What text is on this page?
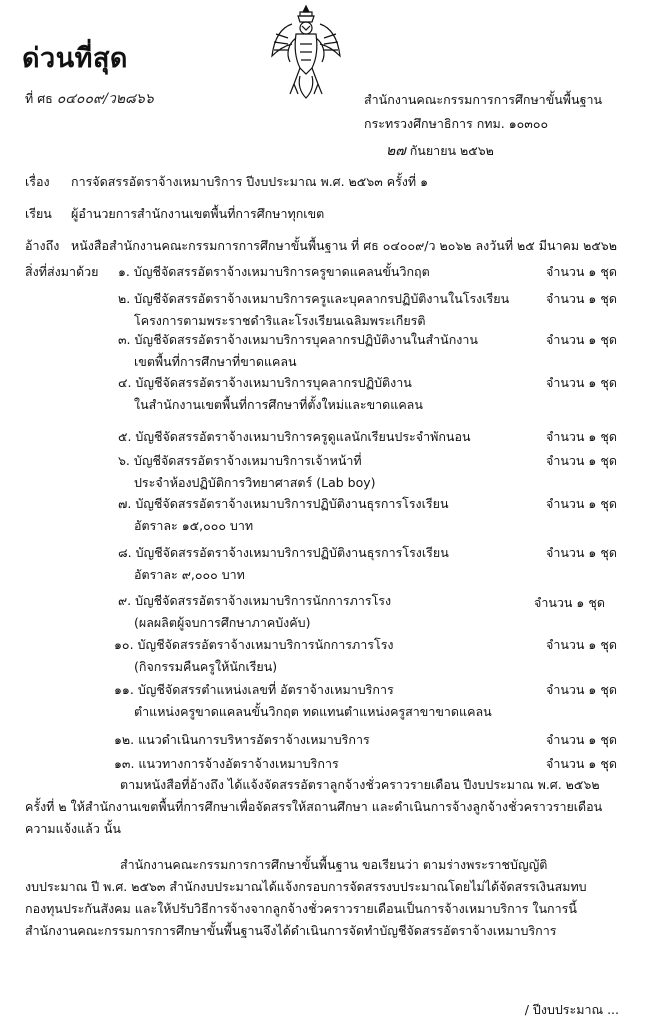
ด่วนที่สุด
ที่ ศธ ๐๔๐๐๙/ว๒๘๖๖	สำนักงานคณะกรรมการการศึกษาขั้นพื้นฐาน
กระทรวงศึกษาธิการ กทม. ๑๐๓๐๐
๒๗ กันยายน ๒๕๖๒
เรื่อง การจัดสรรอัตราจ้างเหมาบริการ ปีงบประมาณ พ.ศ. ๒๕๖๓ ครั้งที่ ๑
เรียน ผู้อำนวยการสำนักงานเขตพื้นที่การศึกษาทุกเขต
อ้างถึง หนังสือสำนักงานคณะกรรมการการศึกษาขั้นพื้นฐาน ที่ ศธ ๐๔๐๐๙/ว ๒๐๖๒ ลงวันที่ ๒๕ มีนาคม ๒๕๖๒
สิ่งที่ส่งมาด้วย ๑. บัญชีจัดสรรอัตราจ้างเหมาบริการครูขาดแคลนขั้นวิกฤต	จำนวน ๑ ชุด
๒. บัญชีจัดสรรอัตราจ้างเหมาบริการครูและบุคลากรปฏิบัติงานในโรงเรียน
โครงการตามพระราชดำริและโรงเรียนเฉลิมพระเกียรติ
จำนวน ๑ ชุด
๓. บัญชีจัดสรรอัตราจ้างเหมาบริการบุคลากรปฏิบัติงานในสำนักงาน
เขตพื้นที่การศึกษาที่ขาดแคลน
จำนวน ๑ ชุด
๔. บัญชีจัดสรรอัตราจ้างเหมาบริการบุคลากรปฏิบัติงาน
ในสำนักงานเขตพื้นที่การศึกษาที่ตั้งใหม่และขาดแคลน
จำนวน ๑ ชุด
๕. บัญชีจัดสรรอัตราจ้างเหมาบริการครูดูแลนักเรียนประจำพักนอน	จำนวน ๑ ชุด
๖. บัญชีจัดสรรอัตราจ้างเหมาบริการเจ้าหน้าที่
ประจำห้องปฏิบัติการวิทยาศาสตร์ (Lab boy)
จำนวน ๑ ชุด
๗. บัญชีจัดสรรอัตราจ้างเหมาบริการปฏิบัติงานธุรการโรงเรียน
อัตราละ ๑๕,๐๐๐ บาท
จำนวน ๑ ชุด
๘. บัญชีจัดสรรอัตราจ้างเหมาบริการปฏิบัติงานธุรการโรงเรียน
อัตราละ ๙,๐๐๐ บาท
จำนวน ๑ ชุด
๙. บัญชีจัดสรรอัตราจ้างเหมาบริการนักการภารโรง
(ผลผลิตผู้จบการศึกษาภาคบังคับ)
จำนวน ๑ ชุด
๑๐. บัญชีจัดสรรอัตราจ้างเหมาบริการนักการภารโรง
(กิจกรรมคืนครูให้นักเรียน)
จำนวน ๑ ชุด
๑๑. บัญชีจัดสรรตำแหน่งเลขที่ อัตราจ้างเหมาบริการ
ตำแหน่งครูขาดแคลนขั้นวิกฤต ทดแทนตำแหน่งครูสาขาขาดแคลน
จำนวน ๑ ชุด
๑๒. แนวดำเนินการบริหารอัตราจ้างเหมาบริการ	จำนวน ๑ ชุด
๑๓. แนวทางการจ้างอัตราจ้างเหมาบริการ	จำนวน ๑ ชุด
ตามหนังสือที่อ้างถึง ได้แจ้งจัดสรรอัตราลูกจ้างชั่วคราวรายเดือน ปีงบประมาณ พ.ศ. ๒๕๖๒
ครั้งที่ ๒ ให้สำนักงานเขตพื้นที่การศึกษาเพื่อจัดสรรให้สถานศึกษา และดำเนินการจ้างลูกจ้างชั่วคราวรายเดือน
ความแจ้งแล้ว นั้น
สำนักงานคณะกรรมการการศึกษาขั้นพื้นฐาน ขอเรียนว่า ตามร่างพระราชบัญญัติ
งบประมาณ ปี พ.ศ. ๒๕๖๓ สำนักงบประมาณได้แจ้งกรอบการจัดสรรงบประมาณโดยไม่ได้จัดสรรเงินสมทบ
กองทุนประกันสังคม และให้ปรับวิธีการจ้างจากลูกจ้างชั่วคราวรายเดือนเป็นการจ้างเหมาบริการ ในการนี้
สำนักงานคณะกรรมการการศึกษาขั้นพื้นฐานจึงได้ดำเนินการจัดทำบัญชีจัดสรรอัตราจ้างเหมาบริการ
/ ปีงบประมาณ ...
